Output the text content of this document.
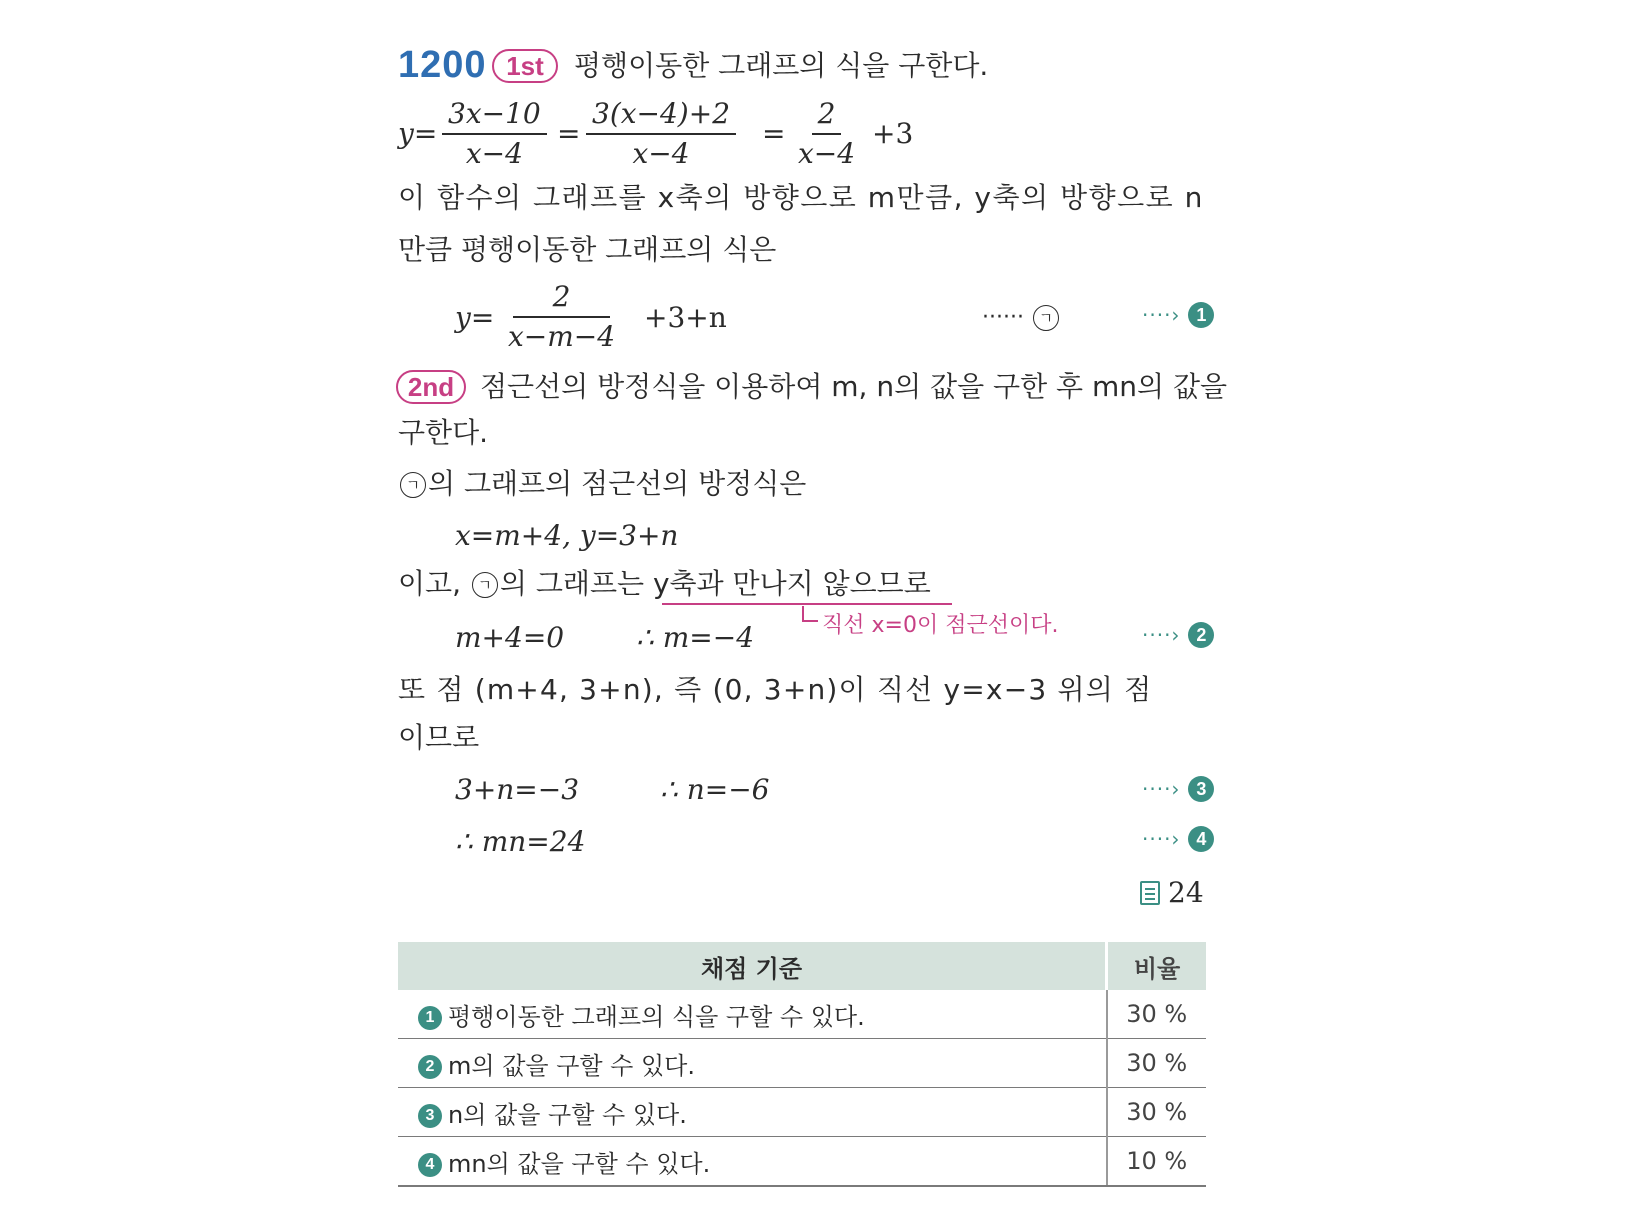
1200 1st	평행이동한 그래프의 식을 구한다.
$y= \frac{3x-10}{x-4} = \frac{3(x-4)+2}{x-4} = \frac{2}{x-4} +3$
이 함수의 그래프를 x축의 방향으로 m만큼, y축의 방향으로 n
만큼 평행이동한 그래프의 식은
$y= \frac{2}{x-m-4} +3+n$	······ ㄱ	····› 1
2nd 점근선의 방정식을 이용하여 m, n의 값을 구한 후 mn의 값을
구한다.
ㄱ 의 그래프의 점근선의 방정식은
x=m+4, y=3+n
이고, ㄱ 의 그래프는 y축과 만나지 않으므로
직선 x=0이 점근선이다.
m+4=0	∴ m=−4	····› 2
또 점 (m+4, 3+n), 즉 (0, 3+n)이 직선 y=x−3 위의 점
이므로
3+n=−3	∴ n=−6	····› 3
∴ mn=24	····› 4
24
채점 기준	비율
1 평행이동한 그래프의 식을 구할 수 있다.	30 %
2 m의 값을 구할 수 있다.	30 %
3 n의 값을 구할 수 있다.	30 %
4 mn의 값을 구할 수 있다.	10 %
